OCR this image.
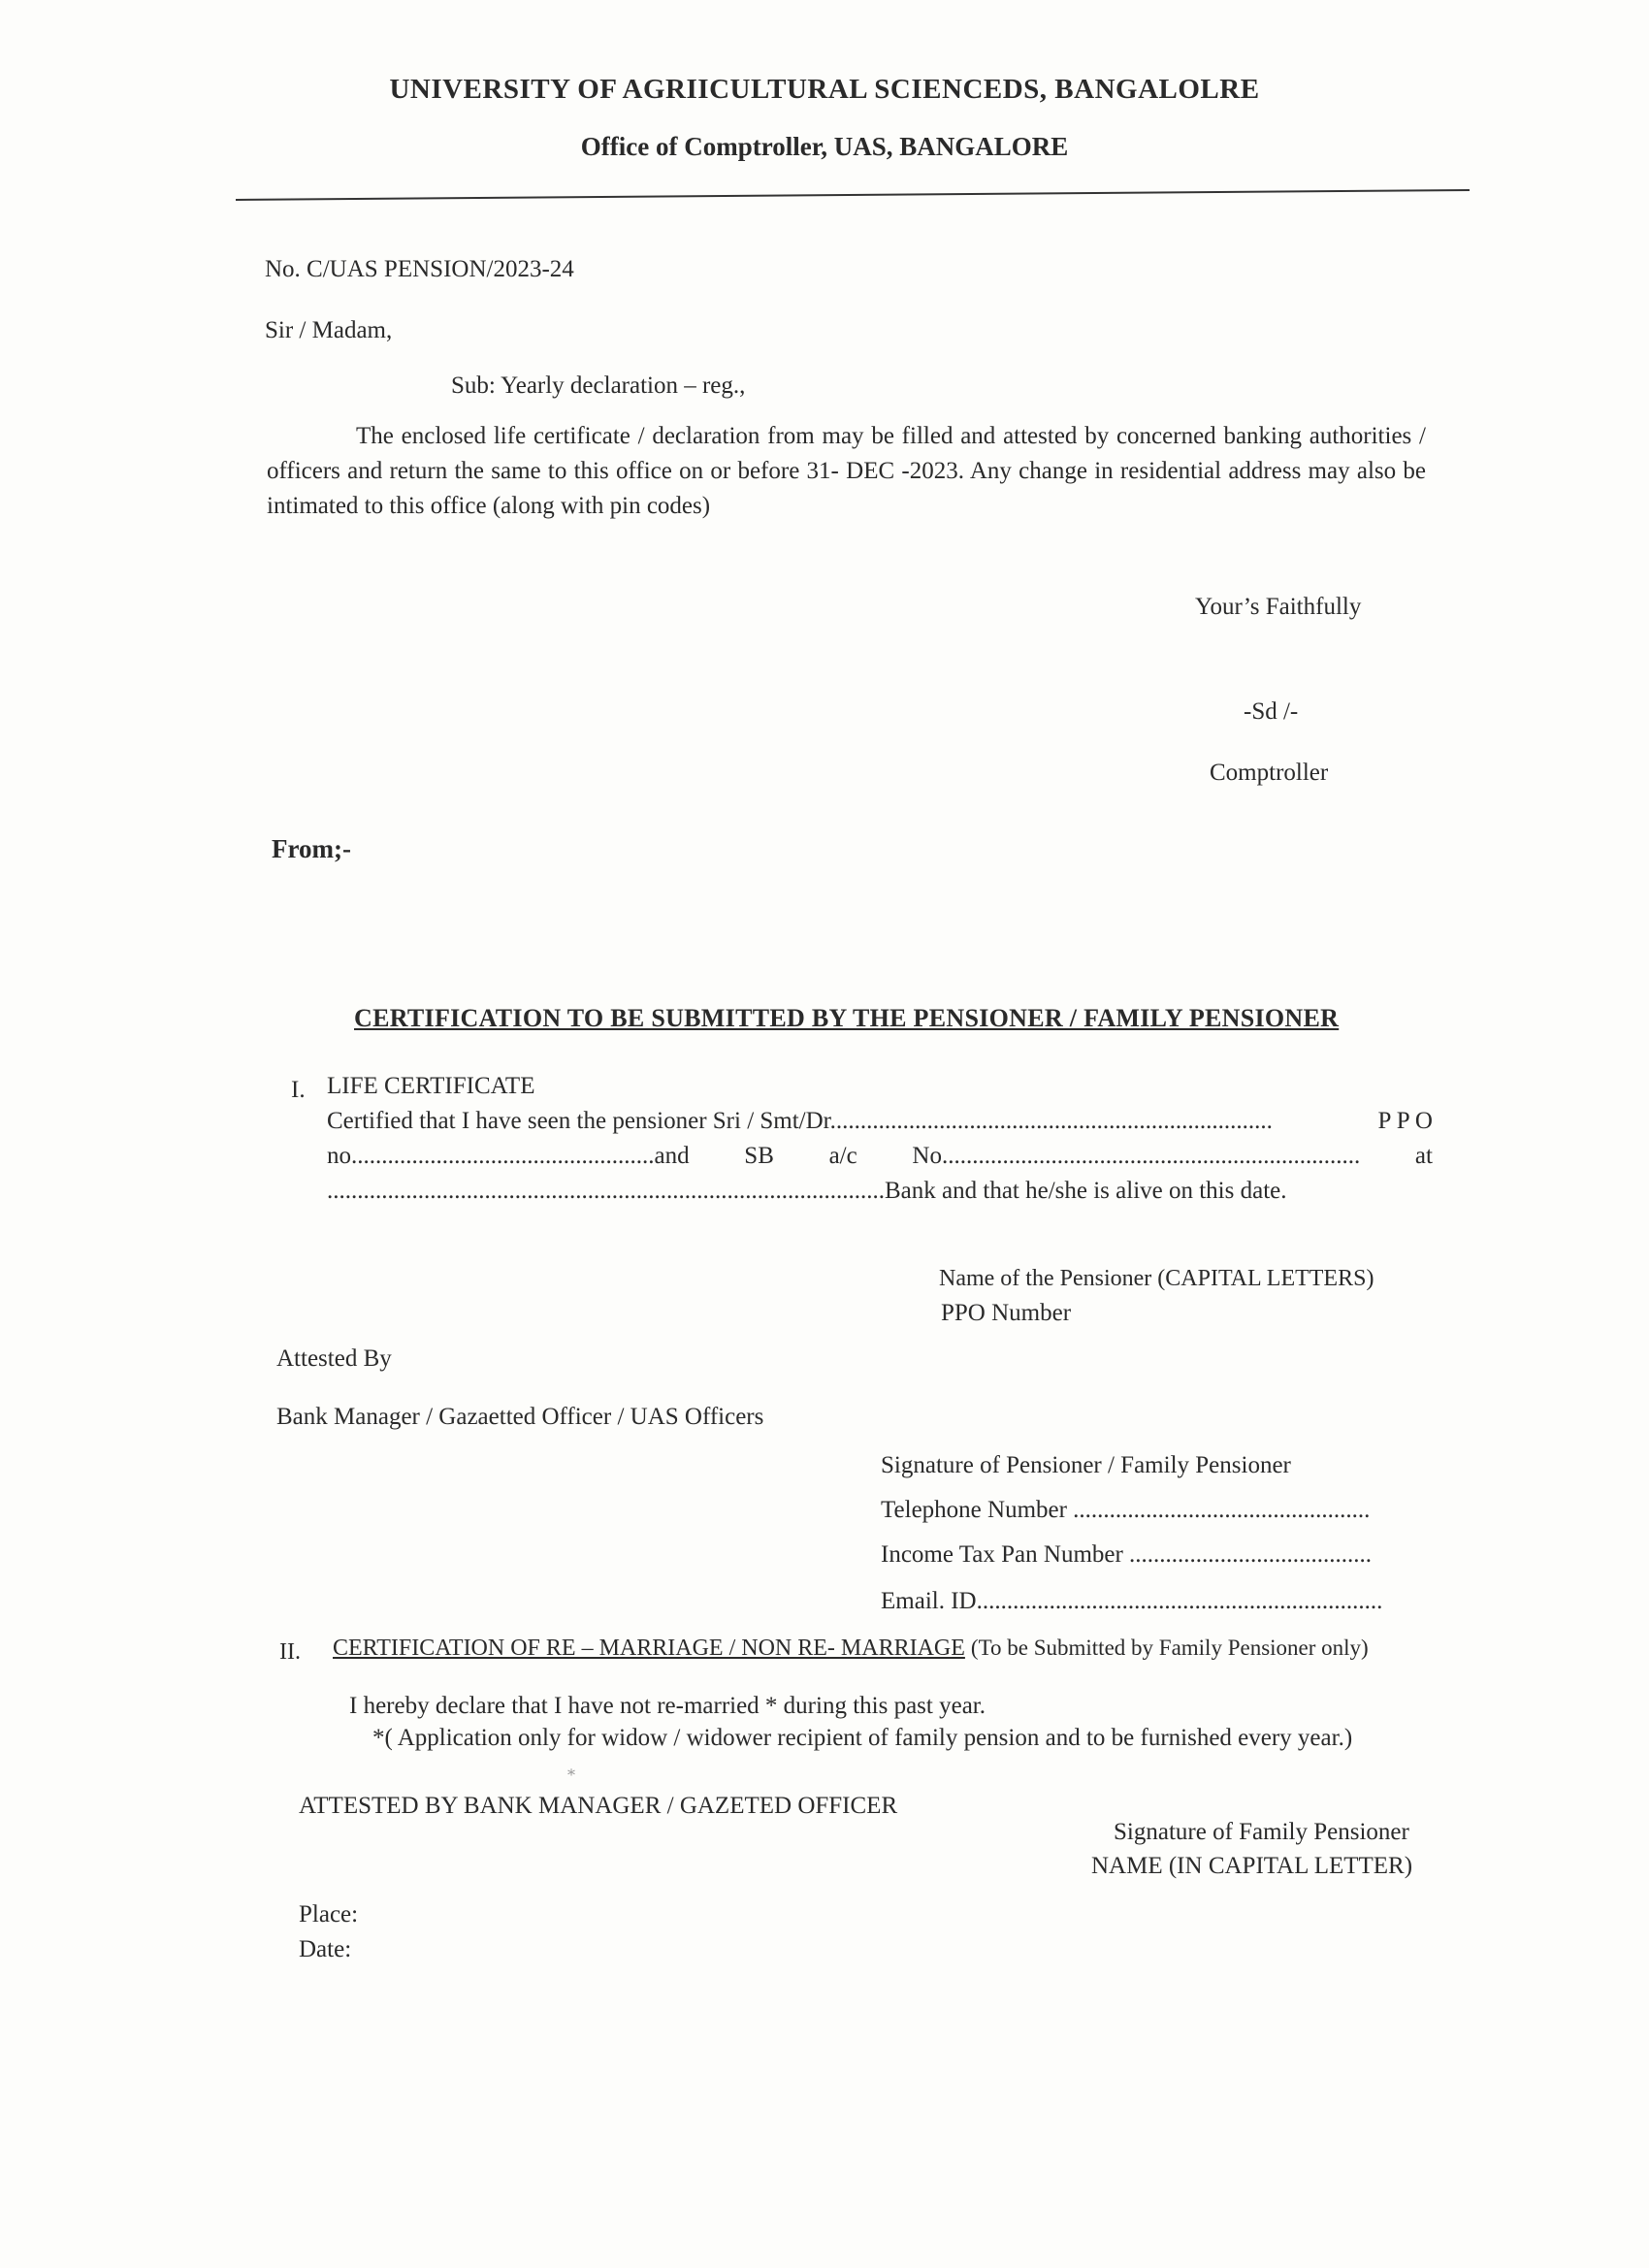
UNIVERSITY OF AGRIICULTURAL SCIENCEDS, BANGALOLRE
Office of Comptroller, UAS, BANGALORE
No. C/UAS PENSION/2023-24
Sir / Madam,
Sub: Yearly declaration – reg.,
The enclosed life certificate / declaration from may be filled and attested by concerned banking authorities / officers and return the same to this office on or before 31- DEC -2023. Any change in residential address may also be intimated to this office (along with pin codes)
Your’s Faithfully
-Sd /-
Comptroller
From;-
CERTIFICATION TO BE SUBMITTED BY THE PENSIONER / FAMILY PENSIONER
I. LIFE CERTIFICATE
Certified that I have seen the pensioner Sri / Smt/Dr.........................................................................	P P O
no..................................................and SB a/c No..................................................................... at
............................................................................................Bank and that he/she is alive on this date.
Name of the Pensioner (CAPITAL LETTERS)
PPO Number
Attested By
Bank Manager / Gazaetted Officer / UAS Officers
Signature of Pensioner / Family Pensioner
Telephone Number .................................................
Income Tax Pan Number ........................................
Email. ID...................................................................
II. CERTIFICATION OF RE – MARRIAGE / NON RE- MARRIAGE (To be Submitted by Family Pensioner only)
I hereby declare that I have not re-married * during this past year.
*( Application only for widow / widower recipient of family pension and to be furnished every year.)
⁎
ATTESTED BY BANK MANAGER / GAZETED OFFICER
Signature of Family Pensioner
NAME (IN CAPITAL LETTER)
Place:
Date:
